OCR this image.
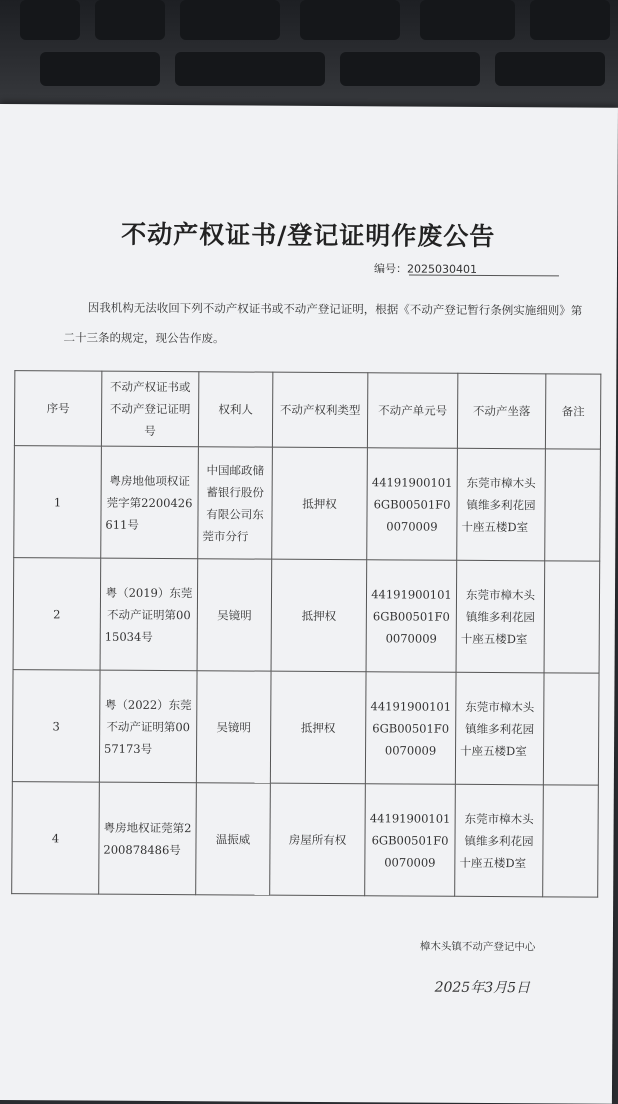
不动产权证书/登记证明作废公告
编号：2025030401
因我机构无法收回下列不动产权证书或不动产登记证明，根据《不动产登记暂行条例实施细则》第二十三条的规定，现公告作废。
序号	不动产权证书或不动产登记证明号	权利人	不动产权利类型	不动产单元号	不动产坐落	备注
1	粤房地他项权证莞字第2200426611号	中国邮政储蓄银行股份有限公司东莞市分行	抵押权	441919001016GB00501F00070009	东莞市樟木头镇维多利花园十座五楼D室	
2	粤（2019）东莞不动产证明第0015034号	吴镜明	抵押权	441919001016GB00501F00070009	东莞市樟木头镇维多利花园十座五楼D室	
3	粤（2022）东莞不动产证明第0057173号	吴镜明	抵押权	441919001016GB00501F00070009	东莞市樟木头镇维多利花园十座五楼D室	
4	粤房地权证莞第2200878486号	温振威	房屋所有权	441919001016GB00501F00070009	东莞市樟木头镇维多利花园十座五楼D室	
樟木头镇不动产登记中心
2025年3月5日
